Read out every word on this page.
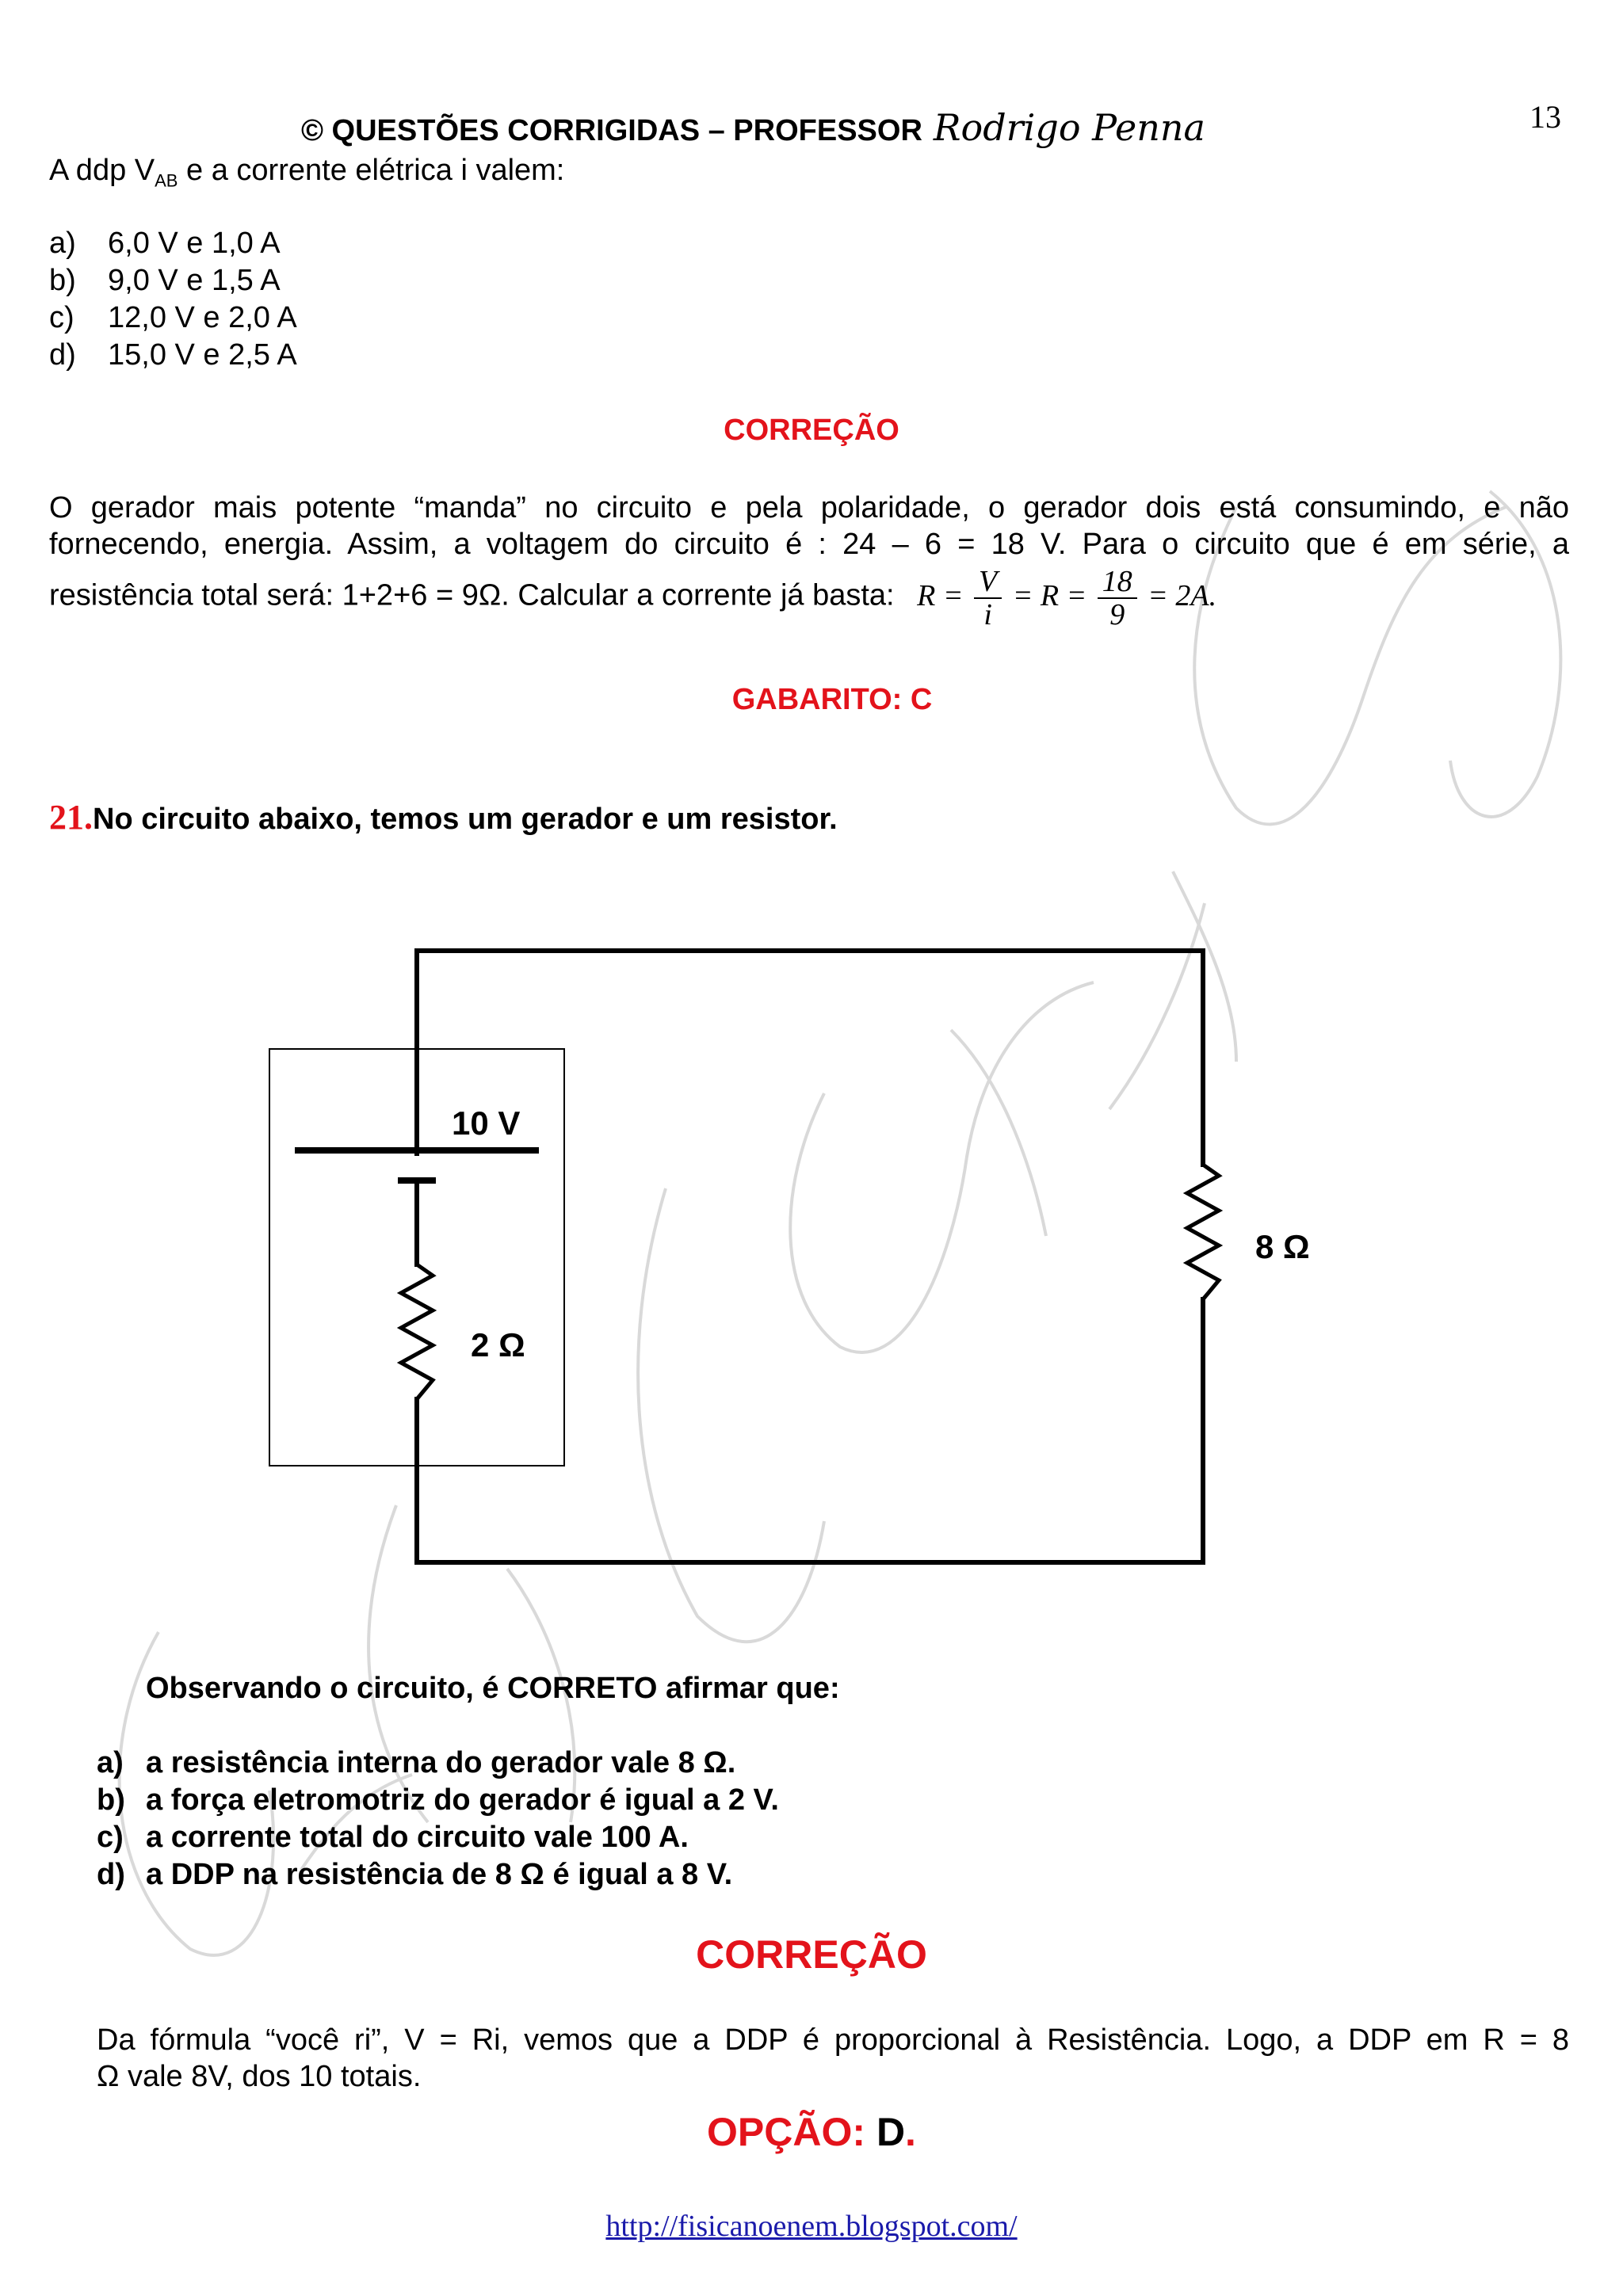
© QUESTÕES CORRIGIDAS – PROFESSOR Rodrigo Penna	13
A ddp $V_{AB}$ e a corrente elétrica i valem:
a) 6,0 V e 1,0 A
b) 9,0 V e 1,5 A
c) 12,0 V e 2,0 A
d) 15,0 V e 2,5 A
CORREÇÃO
O gerador mais potente “manda” no circuito e pela polaridade, o gerador dois está consumindo, e não
fornecendo, energia. Assim, a voltagem do circuito é : 24 – 6 = 18 V. Para o circuito que é em série, a
resistência total será: 1+2+6 = 9Ω. Calcular a corrente já basta: $R = \frac{V}{i} = R = \frac{18}{9} = 2A$.
GABARITO: C
21.No circuito abaixo, temos um gerador e um resistor.
10 V
2 Ω
8 Ω
Observando o circuito, é CORRETO afirmar que:
a) a resistência interna do gerador vale 8 Ω.
b) a força eletromotriz do gerador é igual a 2 V.
c) a corrente total do circuito vale 100 A.
d) a DDP na resistência de 8 Ω é igual a 8 V.
CORREÇÃO
Da fórmula “você ri”, V = Ri, vemos que a DDP é proporcional à Resistência. Logo, a DDP em R = 8
Ω vale 8V, dos 10 totais.
OPÇÃO: D.
http://fisicanoenem.blogspot.com/
